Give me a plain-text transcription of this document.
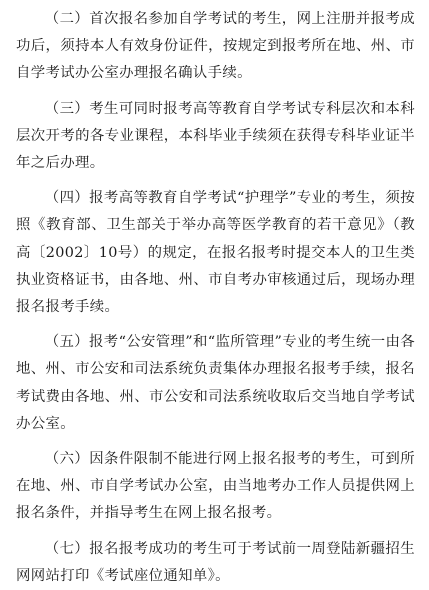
（二）首次报名参加自学考试的考生，网上注册并报考成功后，须持本人有效身份证件，按规定到报考所在地、州、市自学考试办公室办理报名确认手续。

（三）考生可同时报考高等教育自学考试专科层次和本科层次开考的各专业课程，本科毕业手续须在获得专科毕业证半年之后办理。

（四）报考高等教育自学考试“护理学”专业的考生，须按照《教育部、卫生部关于举办高等医学教育的若干意见》（教高〔2002〕10号）的规定，在报名报考时提交本人的卫生类执业资格证书，由各地、州、市自考办审核通过后，现场办理报名报考手续。

（五）报考“公安管理”和“监所管理”专业的考生统一由各地、州、市公安和司法系统负责集体办理报名报考手续，报名考试费由各地、州、市公安和司法系统收取后交当地自学考试办公室。

（六）因条件限制不能进行网上报名报考的考生，可到所在地、州、市自学考试办公室，由当地考办工作人员提供网上报名条件，并指导考生在网上报名报考。

（七）报名报考成功的考生可于考试前一周登陆新疆招生网网站打印《考试座位通知单》。
